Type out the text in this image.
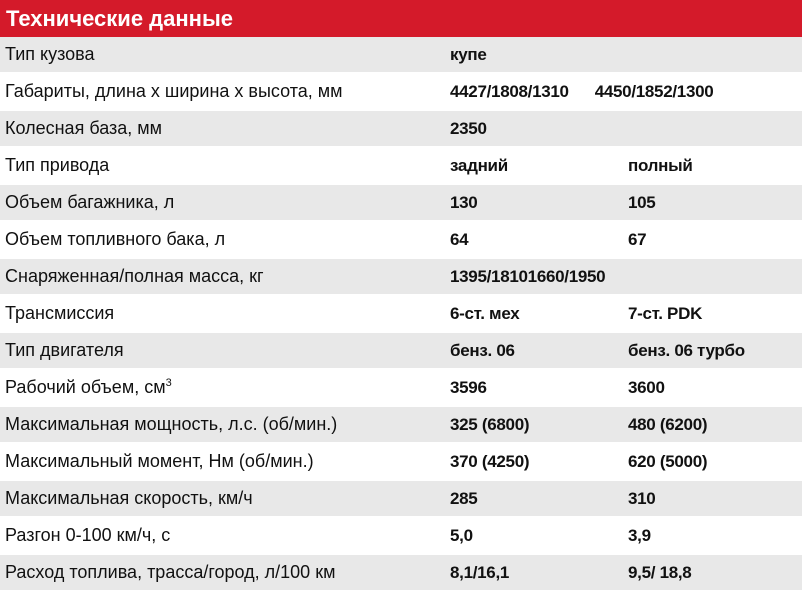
Технические данные
Тип кузова	купе
Габариты, длина х ширина х высота, мм	4427/1808/1310	4450/1852/1300
Колесная база, мм	2350
Тип привода	задний	полный
Объем багажника, л	130	105
Объем топливного бака, л	64	67
Снаряженная/полная масса, кг	1395/18101660/1950
Трансмиссия	6-ст. мех	7-ст. PDK
Тип двигателя	бенз. 06	бенз. 06 турбо
Рабочий объем, $см^3$	3596	3600
Максимальная мощность, л.с. (об/мин.)	325 (6800)	480 (6200)
Максимальный момент, Нм (об/мин.)	370 (4250)	620 (5000)
Максимальная скорость, км/ч	285	310
Разгон 0-100 км/ч, с	5,0	3,9
Расход топлива, трасса/город, л/100 км	8,1/16,1	9,5/ 18,8
